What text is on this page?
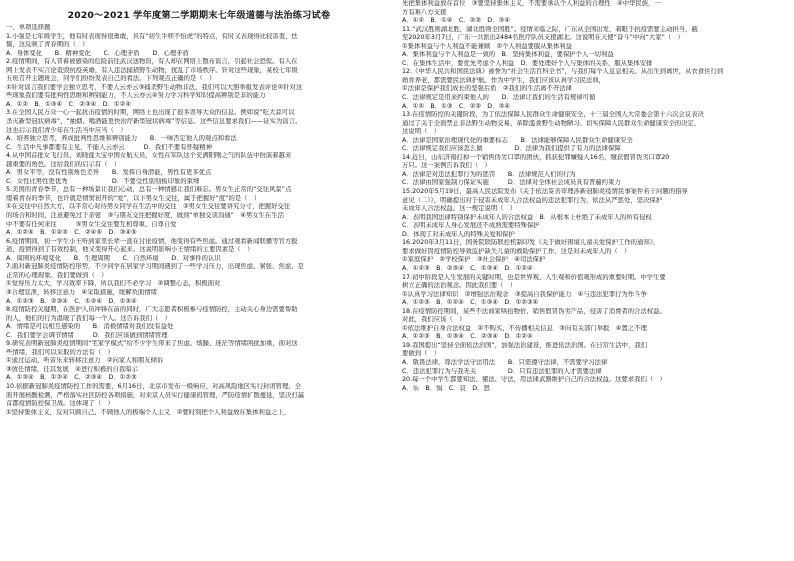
2020～2021 学年度第二学期期末七年级道德与法治练习试卷
一、单项选择题
1.小强是七年级学生，他有时表现得很勇敢，具有“初生牛犊不怕虎”的特点，有时又表现得比较害羞、怯
懦，这反映了青春期的（　）
A．身体变化　　B．精神变化　　C．心理矛盾　　D．心理矛盾
2.疫情期间，有人冒着被感染的危险前往武汉送物资，有人却在网络上散布谣言，引起社会恐慌。有人在
网上发表不实言论诋毁抗疫英雄，有人违法捕猎野生动物，扰乱了市场秩序。针对这些现象，某校七年级
五班召开主题班会，同学们纷纷发表自己的看法。下列观点正确的是（　）
①针对谣言我们要学会独立思考，不要人云亦云③捕杀野生动物非法，我们可以大胆举报发表评论②针对这
些现象我们要有批判性思维和辨别能力，不人云亦云④努力学习科学知识提高辨别是非的能力
A．①②　B．①③④　C．②③④　D．①②④
3.在全国人民万众一心一起抗击疫情的时期，网络上也出现了很多误导大众的信息。例如说“吃大蒜可以
杀灭新型冠状病毒”、“抽烟、喝酒能更快治疗新型冠状病毒”等信息。这些信息要求我们——证实为谣言。
这也启示我们青少年在生活当中应当（　）
A．培养独立思考，养成批判性思维和辨别能力　　B．一味否定他人的观点和看法
C．生活中凡事都要有主见，不能人云亦云　　　D．我们不要有怀疑精神
4.从中国首批女飞行员、刘晓莲大宝中国女航天员，女性在军队这个充满阳刚之气的队伍中扮演着越来
越重要的角色。这给我们的启示有（　）
A．男女平等，没有性别角色差异　　B．发挥自身潜能，男性有更多优点
C．女性比男性更优秀　　　　　　　D．不要受性别刻板印象的束缚
5.美国的青春季节，总有一种场景让我们心动，总有一种情感让我们难忘。男女生正常的“交往风景”点
缀着青春的季节，也许就是情窦初开的“爱”，以下男女生交往，属于把握好“度”的是（　）
①在交往中自然大方，以平常心对待男女同学在生活中的交往　②男女生交往要讲究分寸，把握好交往
的场合和时间，注意避免过于亲密　③与朋友交往把握好度，做到“单独交谈沟通”　④男女生在生活
中不要有任何来往　　　⑤男女生交往要互相尊重、自尊自爱
A．①②⑤　B．①②③　C．②④⑤　D．③④⑤
6.疫情期间，初一学生小王听到家里长辈一直在讨论疫情，他变得有些焦虑。通过观看新闻联播等官方报
道，疫情得到了有效控制，他又变得开心起来。这说明影响小王情绪的主要因素是（　）
A．周围的环境变化　　B．生理周期　　C．自然环境　　D．对事件的认识
7.面对新冠肺炎疫情防控形势，不少同学在居家学习期间遇到了一些学习压力，出现焦虑、紧张、焦虑、是
正常的心理现象。我们要做到（　）
①觉得压力太大，学习效率下降，所以我们不必学习　②调整心态，积极面对
③合理宣泄，转移注意力　④采取措施，缓解负面情绪
A．①②③　B．②③④　C．①②④　D．①③④
8.疫情防控关键期，在医护人员冲锋在前的同时，广大志愿者积极参与疫情防控，主动关心身边需要帮助
的人，他们的行为温暖了我们每一个人。这告诉我们（　）
A．情绪是可以相互感染的　　B．消极情绪对我们没有益处
C．我们要学会调节情绪　　　D．我们应该做到情绪管理
9.研究表明新冠肺炎疫情期间“宅家学模式”给不少学生带来了焦虑、烦躁、迷茫等情绪困扰加重，面对这
些情绪，我们可以采取的方法有（　）
①通过运动、听音乐来转移注意力　②向家人和朋友倾诉
③放任情绪，任其发展　④进行积极的自我暗示
A．①③④　B．①②④　C．②③④　D．①②③
10.依据新冠肺炎疫情防控工作的需要，6月16日，北京市发布一级响应，对高风险地区实行封闭管理，全
面开展核酸检测，严格落实社区防控各项措施，对来京人员实行健康码管理，严防疫情扩散蔓延，坚决打赢
首都疫情防控保卫战。这体现了（　）
①坚持集体主义，反对只顾自己、不顾他人的极端个人主义　②要时刻把个人利益放在集体利益之上，
先把集体利益放在首位　③要坚持集体主义，不需要承认个人利益的合理性　④中华民族，一
方有难八方支援
A．①②　B．①④　C．②③　D．③④
11.“武汉胜则湖北胜，湖北胜则全国胜”。疫情来临之际，广东从全国出发，着眼于抗疫需要主动担当，截
至2020年3月7日，广东一共派出2484名医疗队员支援湖北。这说明在天使“奋斗”中向“大家”（　）
①集体利益与个人利益不能兼顾　②个人利益要服从集体利益
A．集体利益与个人利益是一致的　B．坚持集体利益，要保护个人一切利益
C．在集体生活中，要优先考虑个人利益　D．要处理好个人与集体的关系，服从集体安排
12.《中华人民共和国民法典》被誉为“社会生活百科全书”，与我们每个人息息相关。从出生到离世，从衣食住行到
婚育养老，都需要民法典护航。作为中学生，我们应该认真学习民法典，
①法律是保护我们成长的坚强后盾　②我们的生活离不开法律
C．法律规定是用来约束他人的　　D．法律让我们的生活有规律可循
A．①②　B．①③　C．②③　D．③④
13.在疫情防控的关键阶段，为了依法保障人民群众生命健康安全，十三届全国人大常委会第十六次会议表决
通过了关于全面禁止非法野生动物交易、革除滥食野生动物陋习、切实保障人民群众生命健康安全的决定，
这说明（　）
A．法律是国家治理现代化的重要标志　　B．法律能够保障人民群众生命健康安全
C．法律规定我们应该怎么做　　　　　D．法律为我们提供了有力的法律保障
14.近日，山东济南打掉一个销售伪劣口罩的团伙，抓获犯罪嫌疑人16名，缴获假冒伪劣口罩20
万只。这一案例告诉我们（　）
A．法律是对违法犯罪行为的惩罚　　B．法律规范人们的行为
C．法律由国家强制力保证实施　　　D．法律对全体社会成员具有普遍约束力
15.2020年5月19日，最高人民法院发布《关于依法妥善审理涉新冠肺炎疫情民事案件若干问题的指导
意见（二）》，明确提出对于侵害未成年人合法权益的违法犯罪行为，依法从严惩处，坚决保护
未成年人合法权益。这一规定说明（　）
A．表明我国法律特别保护未成年人的合法权益　B．从根本上杜绝了未成年人的所有侵权
C．表明未成年人身心发展还不成熟需要特殊保护
D．体现了对未成年人的特殊关爱和保护
16.2020年3月11日，国务院联防联控机制印发《关于做好困境儿童关爱保护工作的通知》，
要求做好因疫情防控导致监护缺失儿童的救助保护工作，这是对未成年人的（　）
①家庭保护　②学校保护　③社会保护　④司法保护
A．①②③　B．②③④　C．①③④　D．①②④
17.初中阶段是人生发展的关键时期，也是世界观、人生观和价值观形成的重要时期。中学生要
树立正确的法治观念。因此我们要（　）
①认真学习法律知识　②增强法治观念　③提高自我保护能力　④与违法犯罪行为作斗争
A．①②③　B．①②④　C．①③④　D．①②③④
18.在疫情防控期间，某些不法商家哄抬物价、销售假冒伪劣产品，侵害了消费者的合法权益。
对此，我们应该（　）
①依法维护自身合法权益　②不购买、不传播相关信息　③向有关部门举报　④置之不理
A．①②③　B．①③④　C．②③④　D．①②④
19.我国提出“坚持全面依法治国”，加强法治建设，推进依法治国。在日常生活中，我们
要做到（　）
A．敬畏法律，尊法学法守法用法　　B．只需遵守法律，不需要学习法律
C．违法犯罪行为与我无关　　　　　D．只有违法犯罪的人才需要法律
20.每一个中学生都要知法、懂法、守法，用法律武器维护自己的合法权益。这要求我们（　）
A．乐　B．惧　C．哀　D．怒
